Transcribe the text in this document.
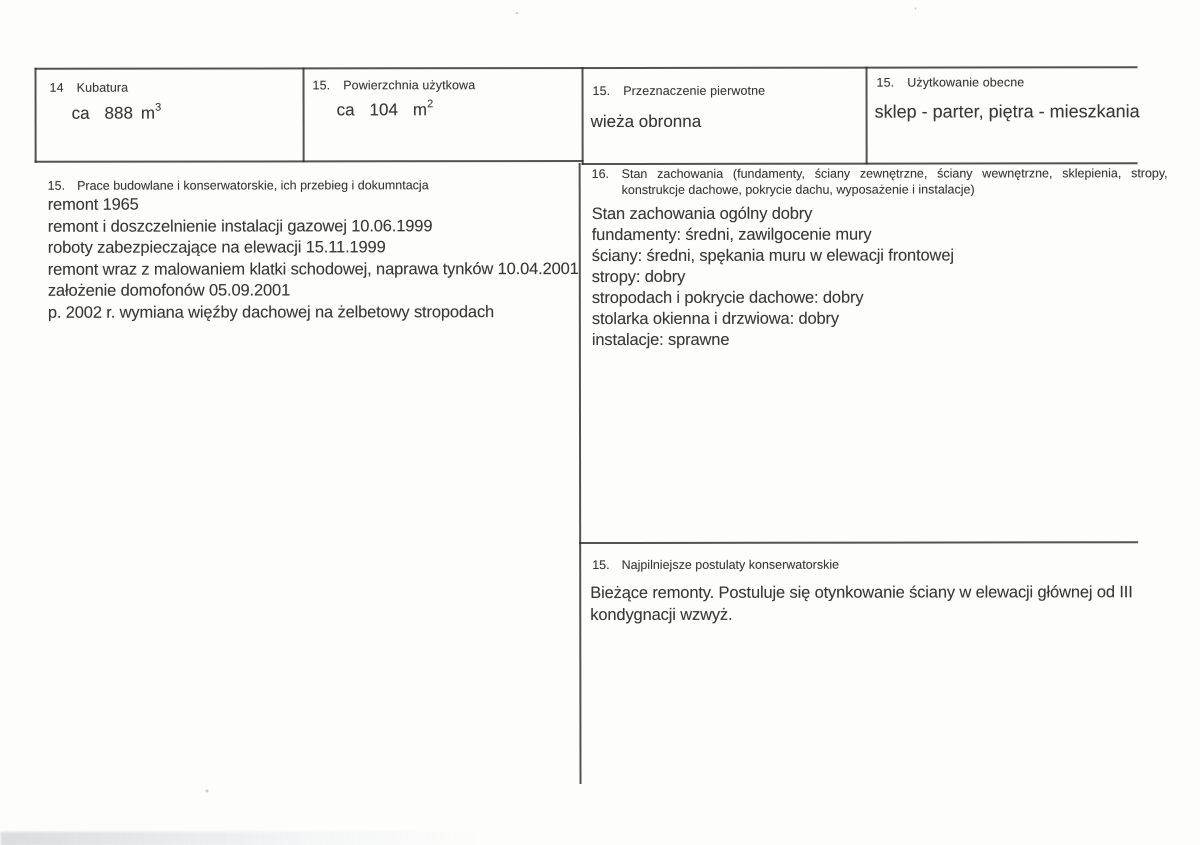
14 Kubatura
ca 888 $m^3$
15. Powierzchnia użytkowa
ca 104 $m^2$
15. Przeznaczenie pierwotne
wieża obronna
15. Użytkowanie obecne
sklep - parter, piętra - mieszkania
15. Prace budowlane i konserwatorskie, ich przebieg i dokumntacja
remont 1965
remont i doszczelnienie instalacji gazowej 10.06.1999
roboty zabezpieczające na elewacji 15.11.1999
remont wraz z malowaniem klatki schodowej, naprawa tynków 10.04.2001
założenie domofonów 05.09.2001
p. 2002 r. wymiana więźby dachowej na żelbetowy stropodach
16. Stan zachowania (fundamenty, ściany zewnętrzne, ściany wewnętrzne, sklepienia, stropy,
konstrukcje dachowe, pokrycie dachu, wyposażenie i instalacje)
Stan zachowania ogólny dobry
fundamenty: średni, zawilgocenie mury
ściany: średni, spękania muru w elewacji frontowej
stropy: dobry
stropodach i pokrycie dachowe: dobry
stolarka okienna i drzwiowa: dobry
instalacje: sprawne
15. Najpilniejsze postulaty konserwatorskie
Bieżące remonty. Postuluje się otynkowanie ściany w elewacji głównej od III
kondygnacji wzwyż.
